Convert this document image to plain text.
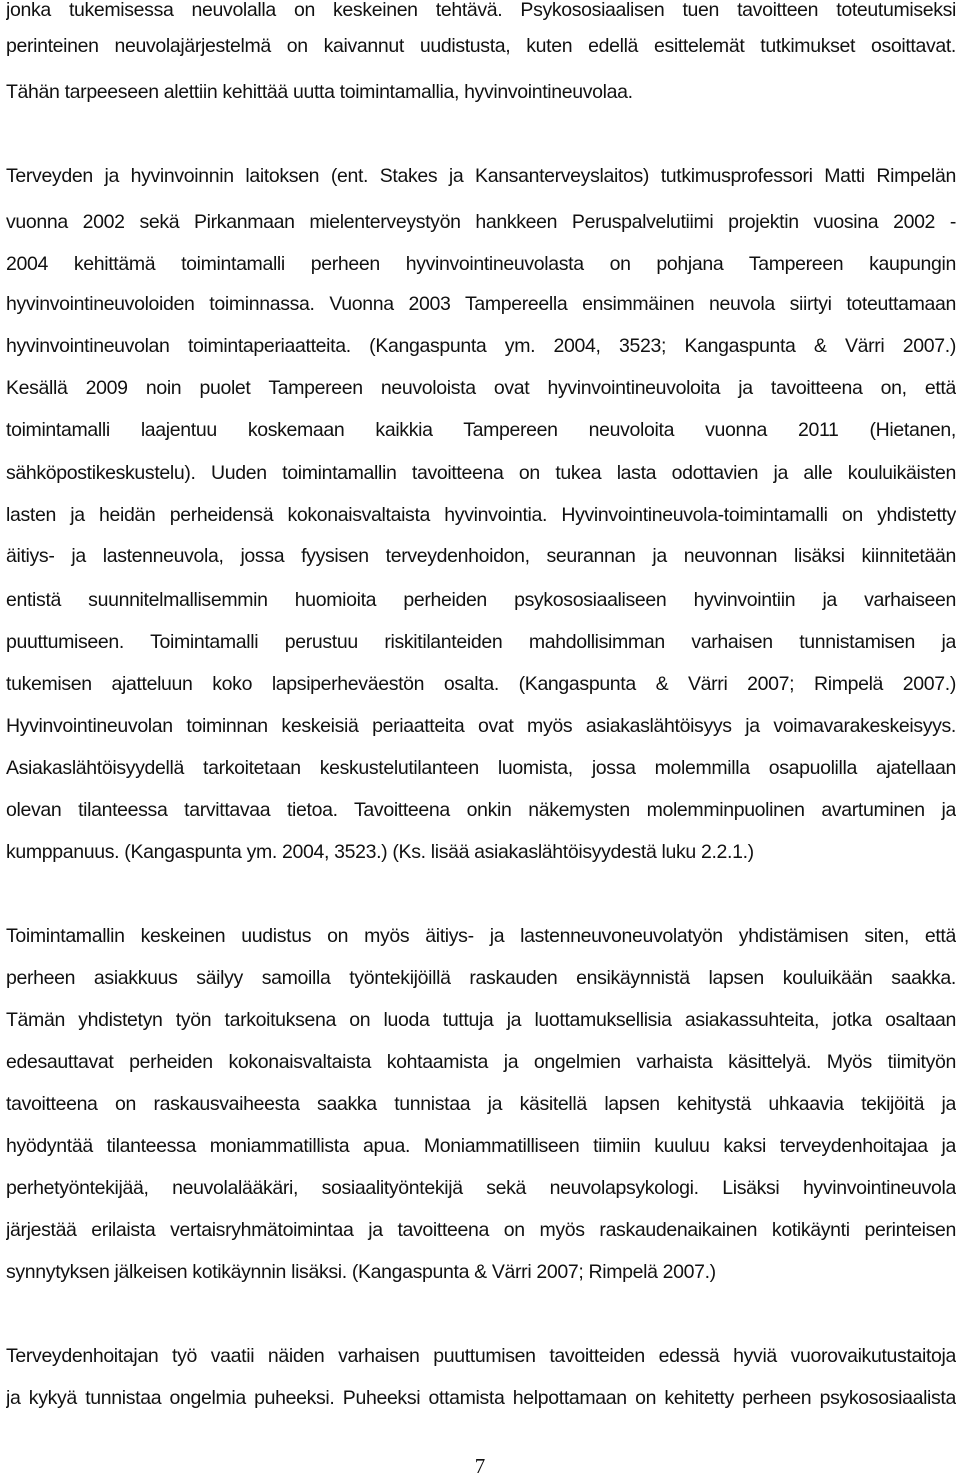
jonka tukemisessa neuvolalla on keskeinen tehtävä. Psykososiaalisen tuen tavoitteen toteutumiseksi
perinteinen neuvolajärjestelmä on kaivannut uudistusta, kuten edellä esittelemät tutkimukset osoittavat.
Tähän tarpeeseen alettiin kehittää uutta toimintamallia, hyvinvointineuvolaa.
Terveyden ja hyvinvoinnin laitoksen (ent. Stakes ja Kansanterveyslaitos) tutkimusprofessori Matti Rimpelän
vuonna 2002 sekä Pirkanmaan mielenterveystyön hankkeen Peruspalvelutiimi projektin vuosina 2002 -
2004 kehittämä toimintamalli perheen hyvinvointineuvolasta on pohjana Tampereen kaupungin
hyvinvointineuvoloiden toiminnassa. Vuonna 2003 Tampereella ensimmäinen neuvola siirtyi toteuttamaan
hyvinvointineuvolan toimintaperiaatteita. (Kangaspunta ym. 2004, 3523; Kangaspunta & Värri 2007.)
Kesällä 2009 noin puolet Tampereen neuvoloista ovat hyvinvointineuvoloita ja tavoitteena on, että
toimintamalli laajentuu koskemaan kaikkia Tampereen neuvoloita vuonna 2011 (Hietanen,
sähköpostikeskustelu). Uuden toimintamallin tavoitteena on tukea lasta odottavien ja alle kouluikäisten
lasten ja heidän perheidensä kokonaisvaltaista hyvinvointia. Hyvinvointineuvola-toimintamalli on yhdistetty
äitiys- ja lastenneuvola, jossa fyysisen terveydenhoidon, seurannan ja neuvonnan lisäksi kiinnitetään
entistä suunnitelmallisemmin huomioita perheiden psykososiaaliseen hyvinvointiin ja varhaiseen
puuttumiseen. Toimintamalli perustuu riskitilanteiden mahdollisimman varhaisen tunnistamisen ja
tukemisen ajatteluun koko lapsiperheväestön osalta. (Kangaspunta & Värri 2007; Rimpelä 2007.)
Hyvinvointineuvolan toiminnan keskeisiä periaatteita ovat myös asiakaslähtöisyys ja voimavarakeskeisyys.
Asiakaslähtöisyydellä tarkoitetaan keskustelutilanteen luomista, jossa molemmilla osapuolilla ajatellaan
olevan tilanteessa tarvittavaa tietoa. Tavoitteena onkin näkemysten molemminpuolinen avartuminen ja
kumppanuus. (Kangaspunta ym. 2004, 3523.) (Ks. lisää asiakaslähtöisyydestä luku 2.2.1.)
Toimintamallin keskeinen uudistus on myös äitiys- ja lastenneuvoneuvolatyön yhdistämisen siten, että
perheen asiakkuus säilyy samoilla työntekijöillä raskauden ensikäynnistä lapsen kouluikään saakka.
Tämän yhdistetyn työn tarkoituksena on luoda tuttuja ja luottamuksellisia asiakassuhteita, jotka osaltaan
edesauttavat perheiden kokonaisvaltaista kohtaamista ja ongelmien varhaista käsittelyä. Myös tiimityön
tavoitteena on raskausvaiheesta saakka tunnistaa ja käsitellä lapsen kehitystä uhkaavia tekijöitä ja
hyödyntää tilanteessa moniammatillista apua. Moniammatilliseen tiimiin kuuluu kaksi terveydenhoitajaa ja
perhetyöntekijää, neuvolalääkäri, sosiaalityöntekijä sekä neuvolapsykologi. Lisäksi hyvinvointineuvola
järjestää erilaista vertaisryhmätoimintaa ja tavoitteena on myös raskaudenaikainen kotikäynti perinteisen
synnytyksen jälkeisen kotikäynnin lisäksi. (Kangaspunta & Värri 2007; Rimpelä 2007.)
Terveydenhoitajan työ vaatii näiden varhaisen puuttumisen tavoitteiden edessä hyviä vuorovaikutustaitoja
ja kykyä tunnistaa ongelmia puheeksi. Puheeksi ottamista helpottamaan on kehitetty perheen psykososiaalista
7
